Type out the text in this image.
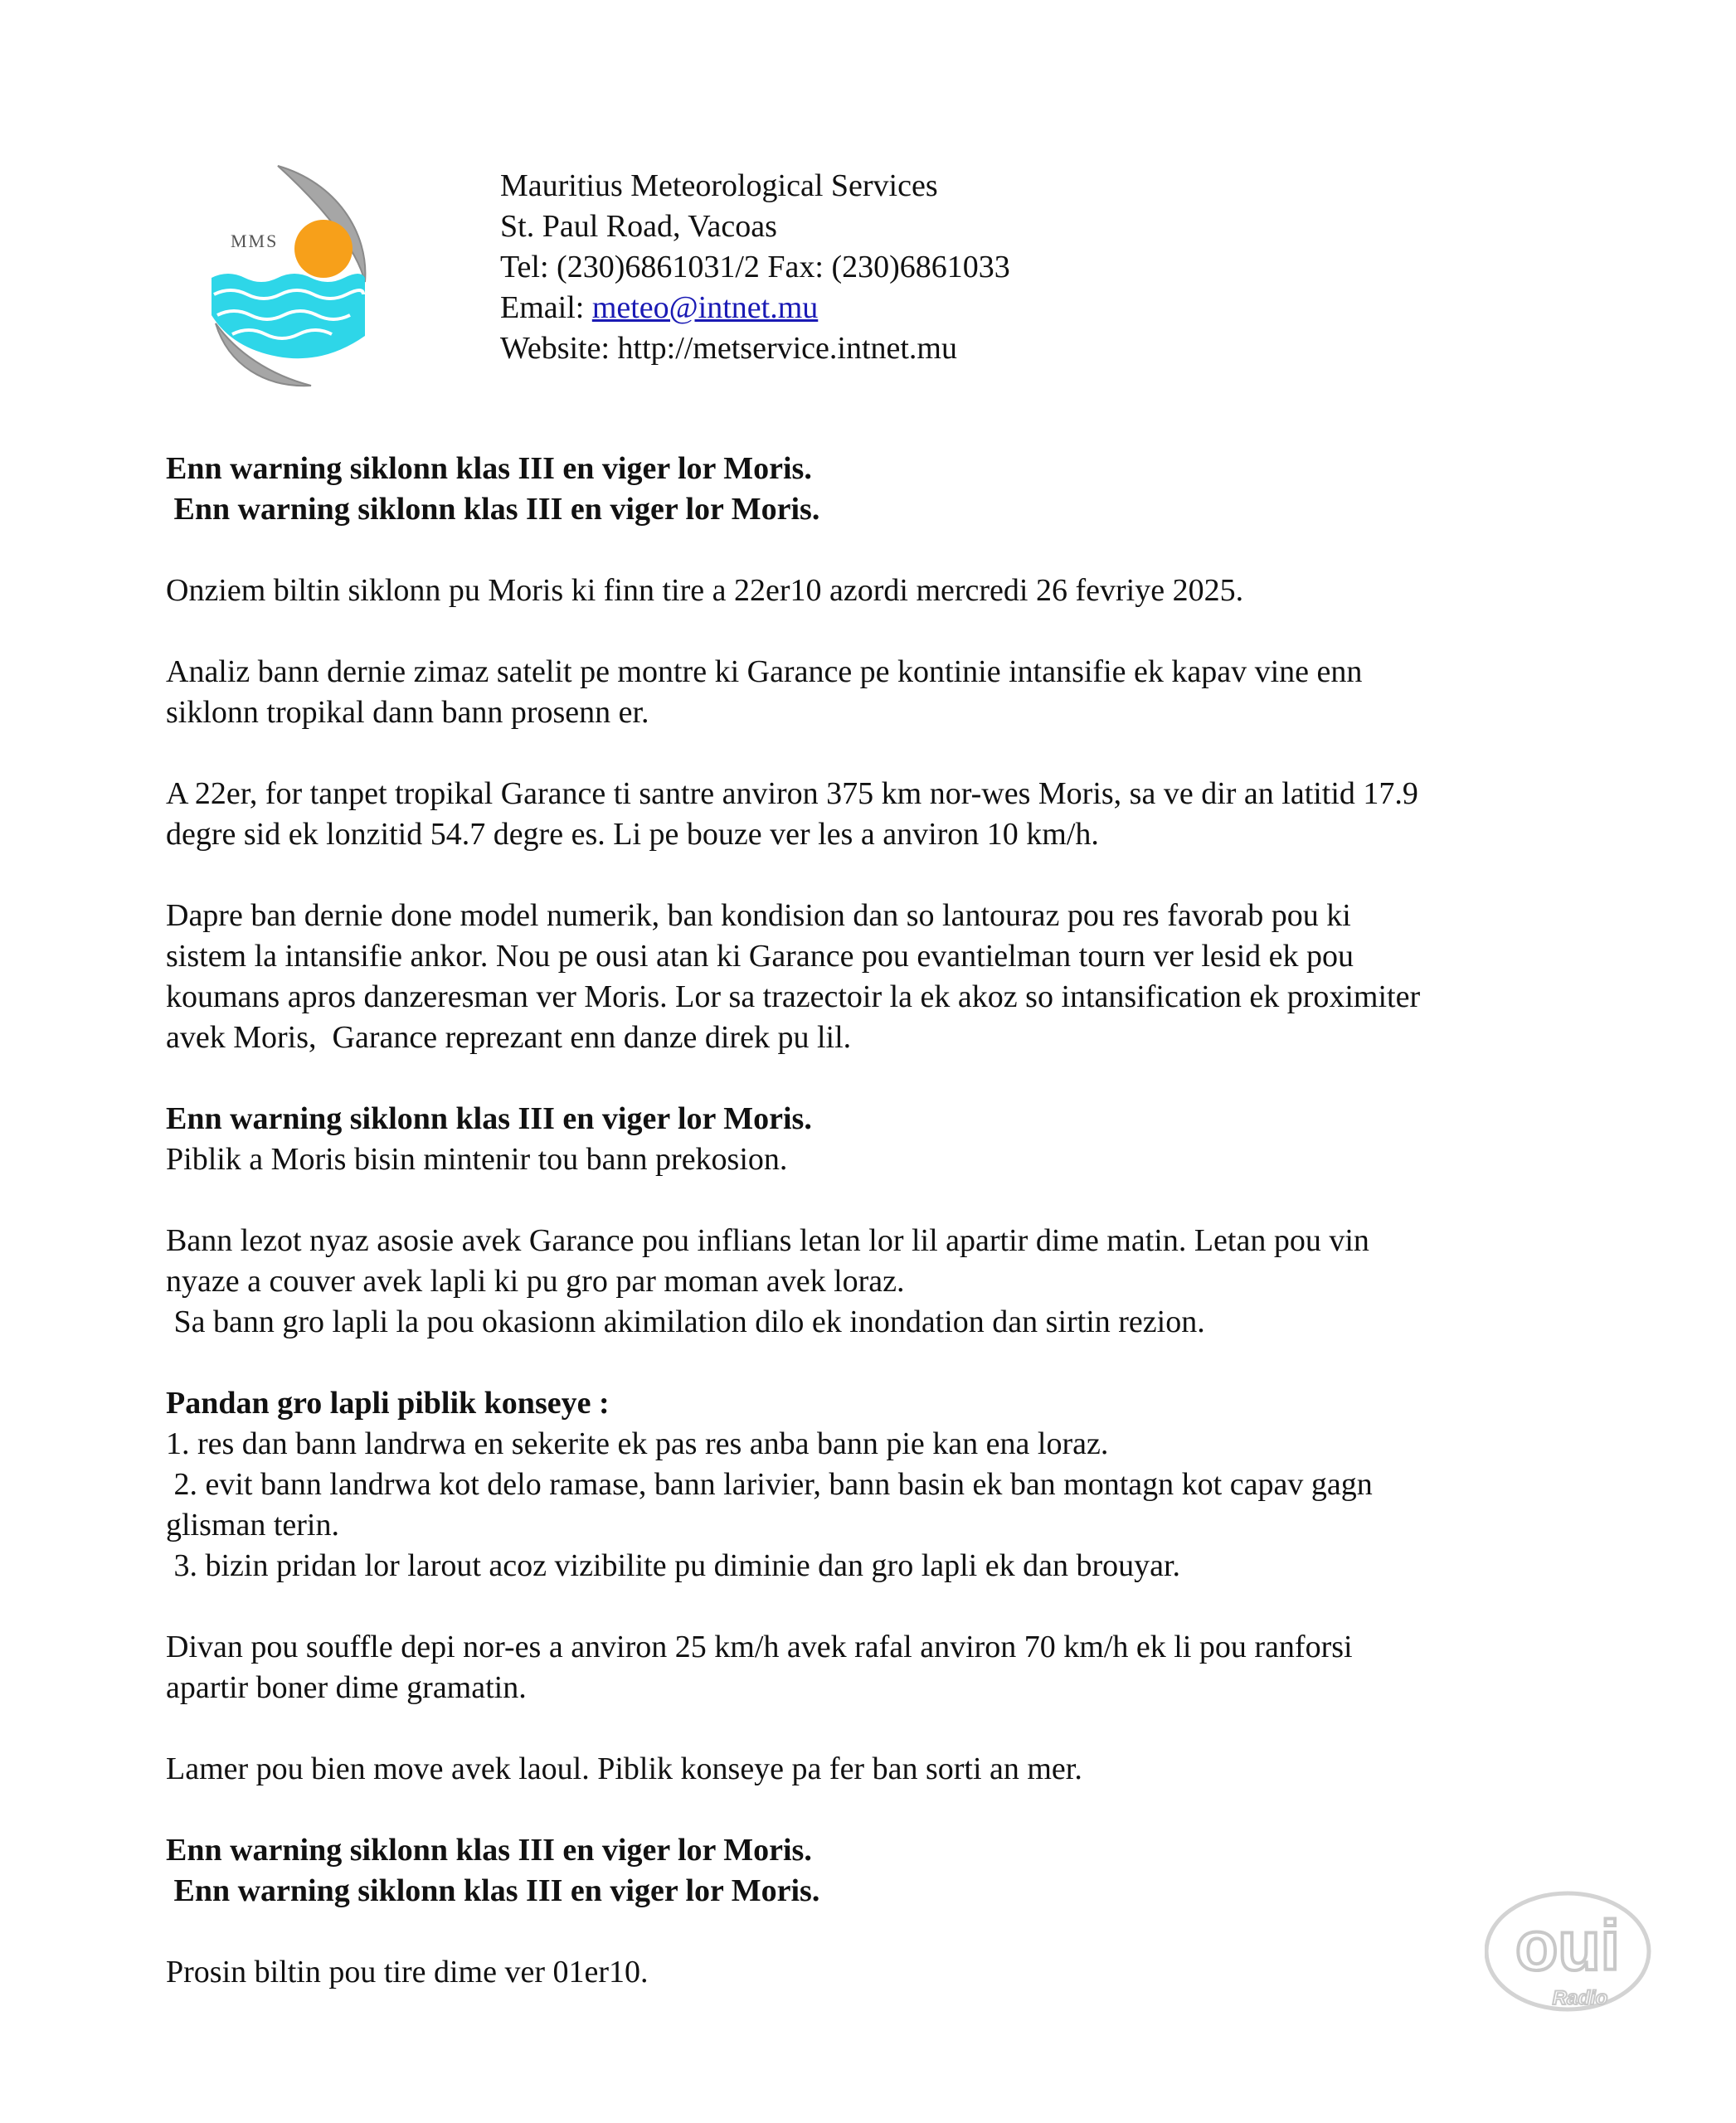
MMS
Mauritius Meteorological Services
St. Paul Road, Vacoas
Tel: (230)6861031/2 Fax: (230)6861033
Email: meteo@intnet.mu
Website: http://metservice.intnet.mu
Enn warning siklonn klas III en viger lor Moris.
Enn warning siklonn klas III en viger lor Moris.
Onziem biltin siklonn pu Moris ki finn tire a 22er10 azordi mercredi 26 fevriye 2025.
Analiz bann dernie zimaz satelit pe montre ki Garance pe kontinie intansifie ek kapav vine enn
siklonn tropikal dann bann prosenn er.
A 22er, for tanpet tropikal Garance ti santre anviron 375 km nor-wes Moris, sa ve dir an latitid 17.9
degre sid ek lonzitid 54.7 degre es. Li pe bouze ver les a anviron 10 km/h.
Dapre ban dernie done model numerik, ban kondision dan so lantouraz pou res favorab pou ki
sistem la intansifie ankor. Nou pe ousi atan ki Garance pou evantielman tourn ver lesid ek pou
koumans apros danzeresman ver Moris. Lor sa trazectoir la ek akoz so intansification ek proximiter
avek Moris,  Garance reprezant enn danze direk pu lil.
Enn warning siklonn klas III en viger lor Moris.
Piblik a Moris bisin mintenir tou bann prekosion.
Bann lezot nyaz asosie avek Garance pou inflians letan lor lil apartir dime matin. Letan pou vin
nyaze a couver avek lapli ki pu gro par moman avek loraz.
Sa bann gro lapli la pou okasionn akimilation dilo ek inondation dan sirtin rezion.
Pandan gro lapli piblik konseye :
1. res dan bann landrwa en sekerite ek pas res anba bann pie kan ena loraz.
2. evit bann landrwa kot delo ramase, bann larivier, bann basin ek ban montagn kot capav gagn
glisman terin.
3. bizin pridan lor larout acoz vizibilite pu diminie dan gro lapli ek dan brouyar.
Divan pou souffle depi nor-es a anviron 25 km/h avek rafal anviron 70 km/h ek li pou ranforsi
apartir boner dime gramatin.
Lamer pou bien move avek laoul. Piblik konseye pa fer ban sorti an mer.
Enn warning siklonn klas III en viger lor Moris.
Enn warning siklonn klas III en viger lor Moris.
Prosin biltin pou tire dime ver 01er10.	oui
Radio
